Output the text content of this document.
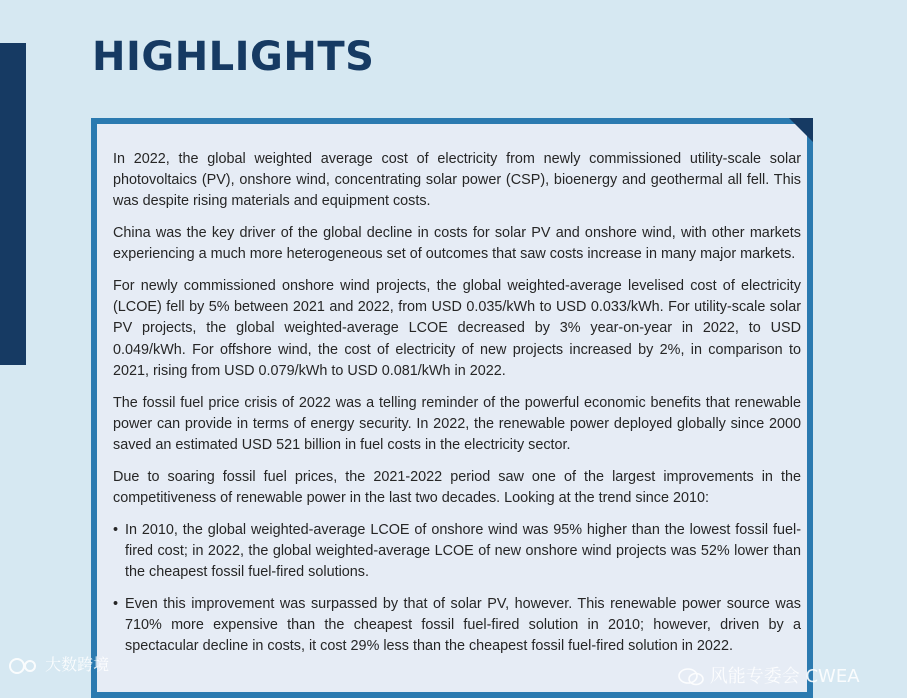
HIGHLIGHTS

In 2022, the global weighted average cost of electricity from newly commissioned utility-scale solar photovoltaics (PV), onshore wind, concentrating solar power (CSP), bioenergy and geothermal all fell. This was despite rising materials and equipment costs.

China was the key driver of the global decline in costs for solar PV and onshore wind, with other markets experiencing a much more heterogeneous set of outcomes that saw costs increase in many major markets.

For newly commissioned onshore wind projects, the global weighted-average levelised cost of electricity (LCOE) fell by 5% between 2021 and 2022, from USD 0.035/kWh to USD 0.033/kWh. For utility-scale solar PV projects, the global weighted-average LCOE decreased by 3% year-on-year in 2022, to USD 0.049/kWh. For offshore wind, the cost of electricity of new projects increased by 2%, in comparison to 2021, rising from USD 0.079/kWh to USD 0.081/kWh in 2022.

The fossil fuel price crisis of 2022 was a telling reminder of the powerful economic benefits that renewable power can provide in terms of energy security. In 2022, the renewable power deployed globally since 2000 saved an estimated USD 521 billion in fuel costs in the electricity sector.

Due to soaring fossil fuel prices, the 2021-2022 period saw one of the largest improvements in the competitiveness of renewable power in the last two decades. Looking at the trend since 2010:

• In 2010, the global weighted-average LCOE of onshore wind was 95% higher than the lowest fossil fuel-fired cost; in 2022, the global weighted-average LCOE of new onshore wind projects was 52% lower than the cheapest fossil fuel-fired solutions.
• Even this improvement was surpassed by that of solar PV, however. This renewable power source was 710% more expensive than the cheapest fossil fuel-fired solution in 2010; however, driven by a spectacular decline in costs, it cost 29% less than the cheapest fossil fuel-fired solution in 2022.
大数跨境
风能专委会 CWEA
